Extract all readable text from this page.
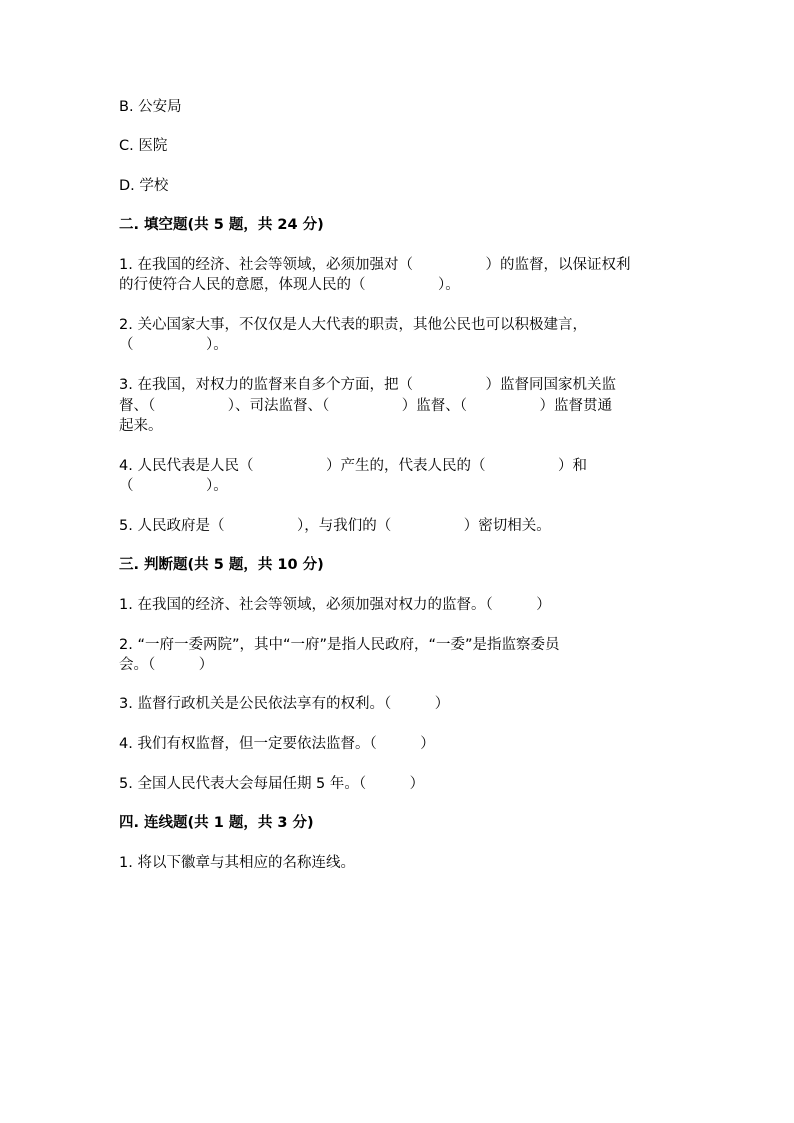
B. 公安局

C. 医院

D. 学校

二. 填空题(共 5 题，共 24 分)

1. 在我国的经济、社会等领域，必须加强对（　　　　　）的监督，以保证权利

的行使符合人民的意愿，体现人民的（　　　　　）。

2. 关心国家大事，不仅仅是人大代表的职责，其他公民也可以积极建言，

（　　　　　）。

3. 在我国，对权力的监督来自多个方面，把（　　　　　）监督同国家机关监

督、（　　　　　）、司法监督、（　　　　　）监督、（　　　　　）监督贯通

起来。

4. 人民代表是人民（　　　　　）产生的，代表人民的（　　　　　）和

（　　　　　）。

5. 人民政府是（　　　　　），与我们的（　　　　　）密切相关。

三. 判断题(共 5 题，共 10 分)

1. 在我国的经济、社会等领域，必须加强对权力的监督。（　　　）

2. “一府一委两院”，其中“一府”是指人民政府，“一委”是指监察委员

会。（　　　）

3. 监督行政机关是公民依法享有的权利。（　　　）

4. 我们有权监督，但一定要依法监督。（　　　）

5. 全国人民代表大会每届任期 5 年。（　　　）

四. 连线题(共 1 题，共 3 分)

1. 将以下徽章与其相应的名称连线。
